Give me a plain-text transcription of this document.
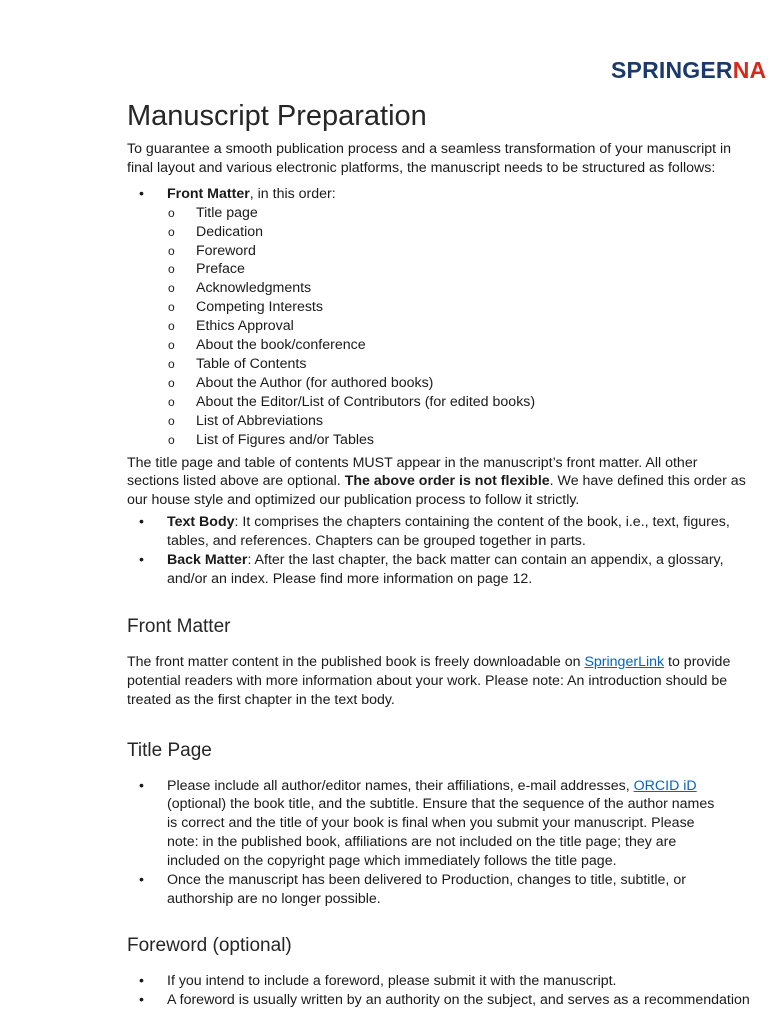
SPRINGERNA
Manuscript Preparation

To guarantee a smooth publication process and a seamless transformation of your manuscript in
final layout and various electronic platforms, the manuscript needs to be structured as follows:

• Front Matter, in this order:
o Title page
o Dedication
o Foreword
o Preface
o Acknowledgments
o Competing Interests
o Ethics Approval
o About the book/conference
o Table of Contents
o About the Author (for authored books)
o About the Editor/List of Contributors (for edited books)
o List of Abbreviations
o List of Figures and/or Tables

The title page and table of contents MUST appear in the manuscript’s front matter. All other
sections listed above are optional. The above order is not flexible. We have defined this order as
our house style and optimized our publication process to follow it strictly.

• Text Body: It comprises the chapters containing the content of the book, i.e., text, figures,
tables, and references. Chapters can be grouped together in parts.
• Back Matter: After the last chapter, the back matter can contain an appendix, a glossary,
and/or an index. Please find more information on page 12.
Front Matter

The front matter content in the published book is freely downloadable on SpringerLink to provide
potential readers with more information about your work. Please note: An introduction should be
treated as the first chapter in the text body.

Title Page
• Please include all author/editor names, their affiliations, e-mail addresses, ORCID iD
(optional) the book title, and the subtitle. Ensure that the sequence of the author names
is correct and the title of your book is final when you submit your manuscript. Please
note: in the published book, affiliations are not included on the title page; they are
included on the copyright page which immediately follows the title page.
• Once the manuscript has been delivered to Production, changes to title, subtitle, or
authorship are no longer possible.
Foreword (optional)
• If you intend to include a foreword, please submit it with the manuscript.
• A foreword is usually written by an authority on the subject, and serves as a recommendation
